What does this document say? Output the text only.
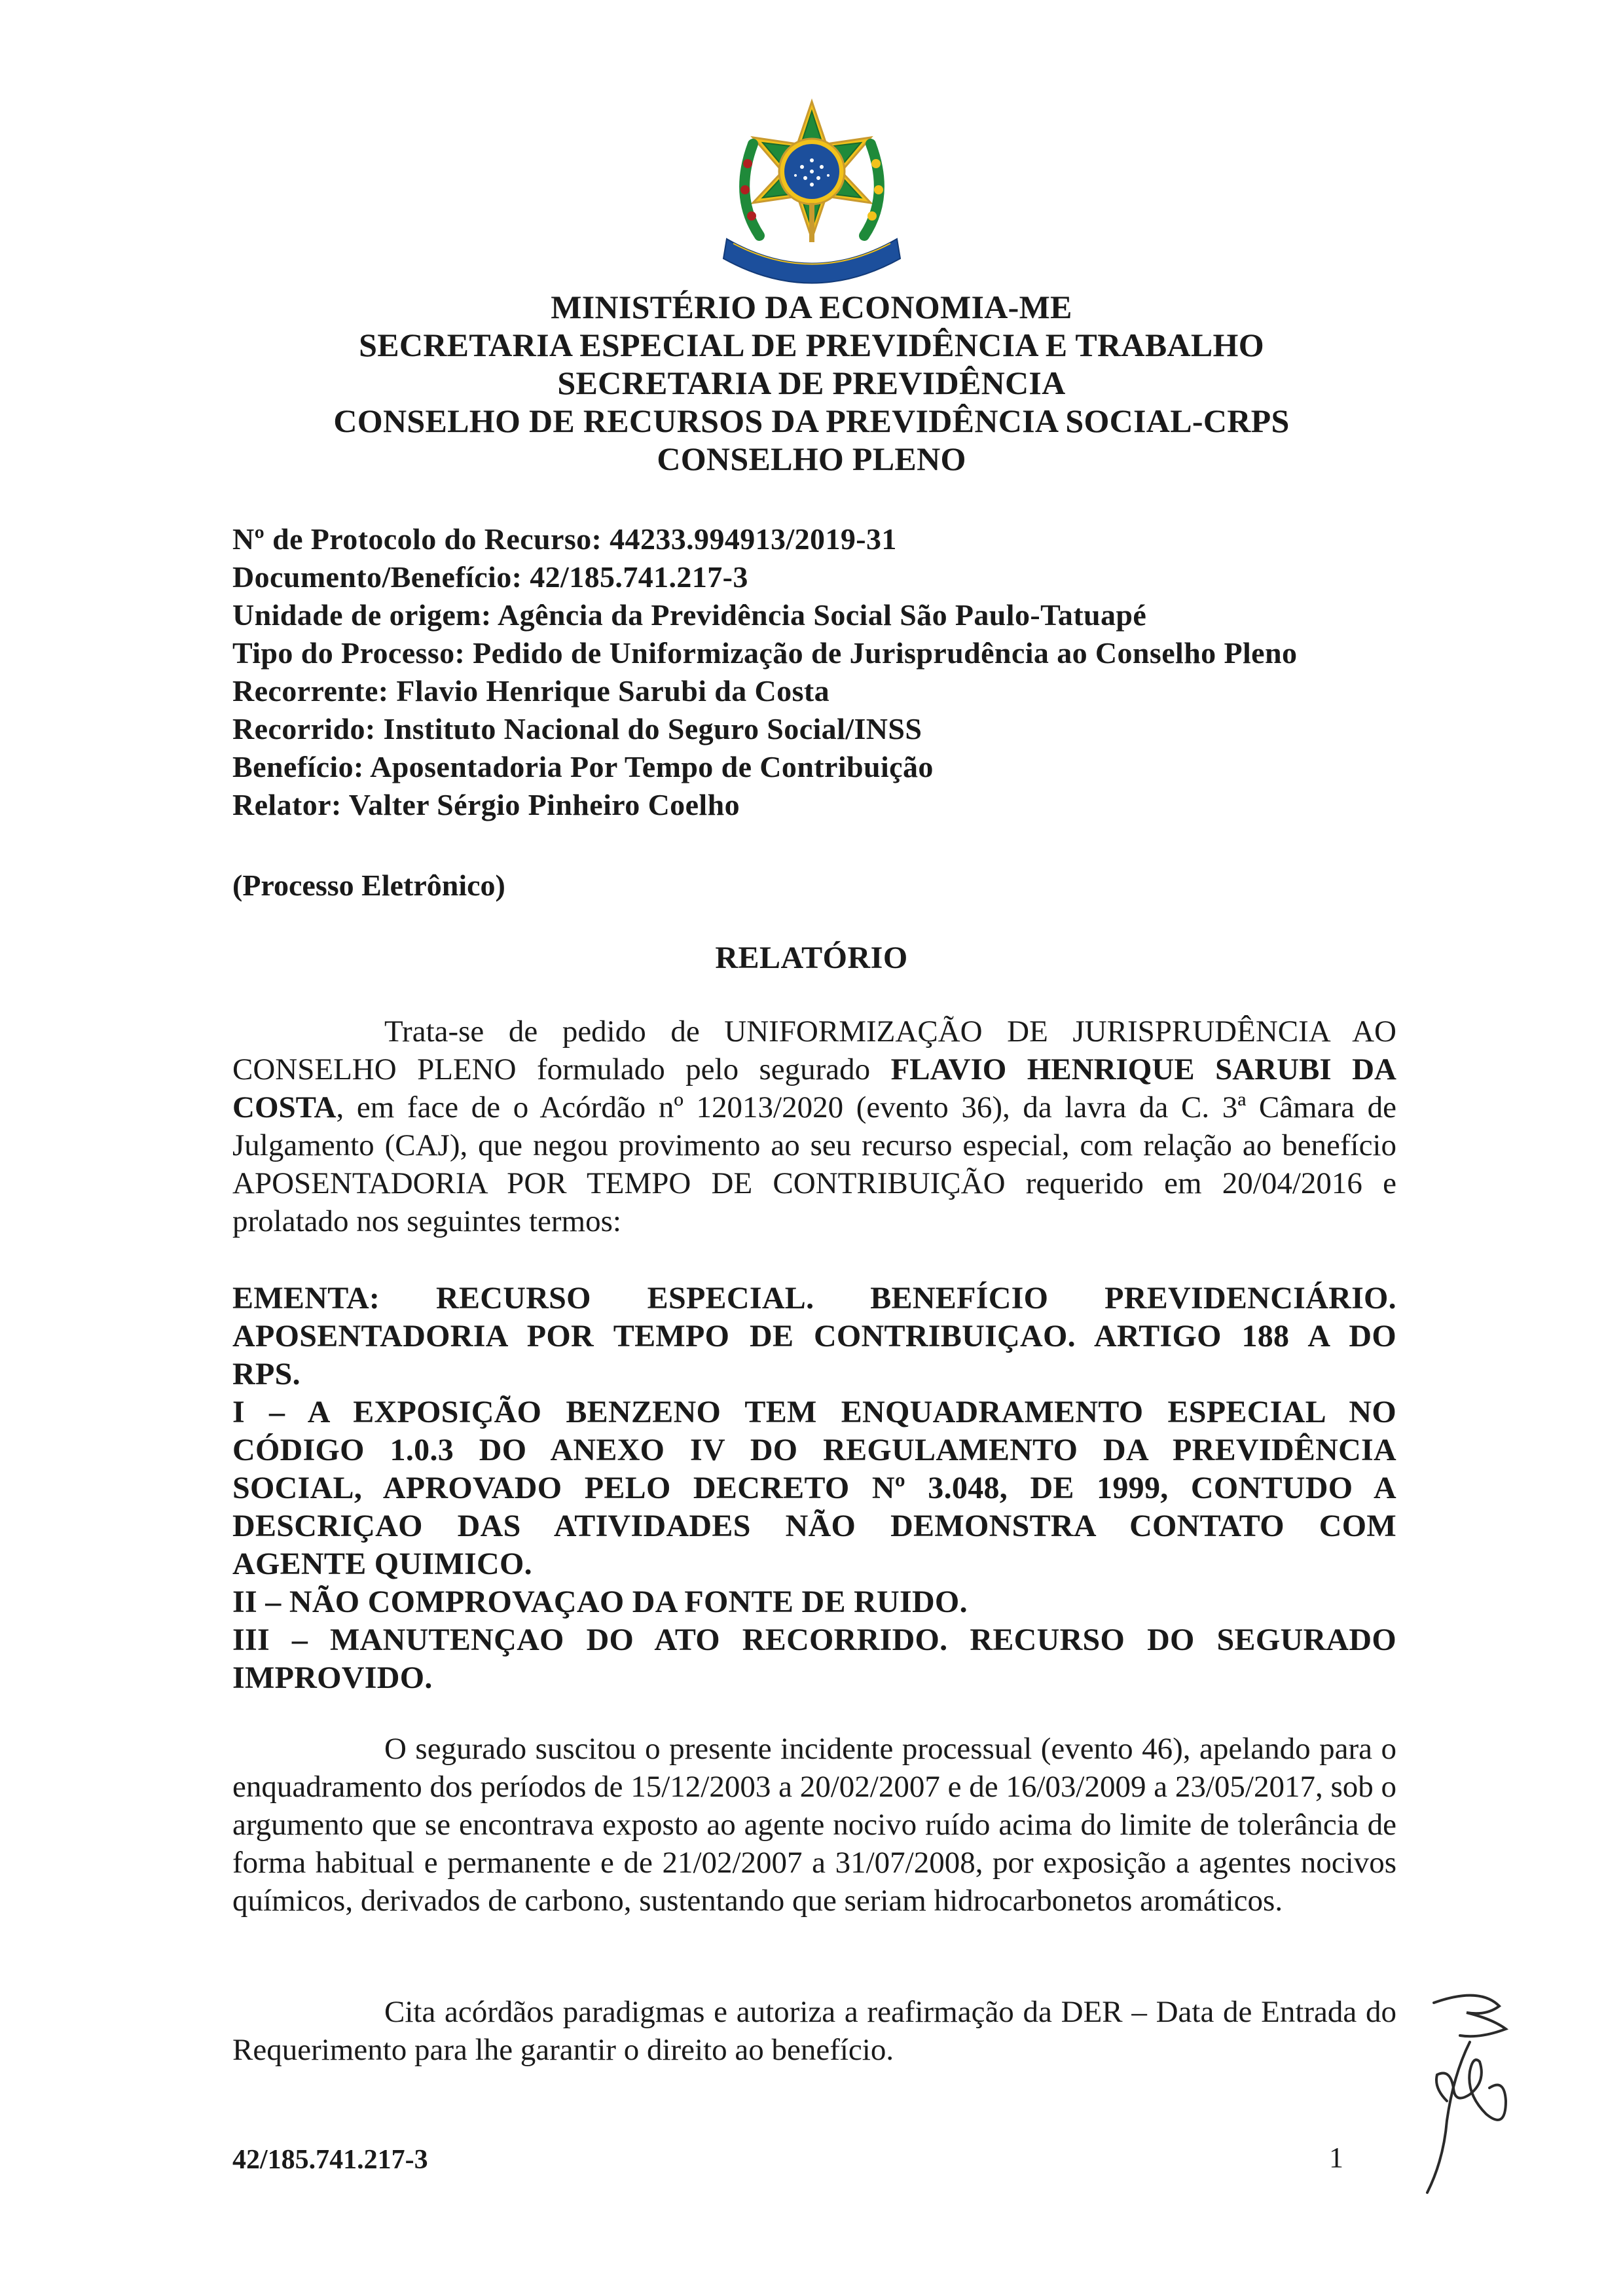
MINISTÉRIO DA ECONOMIA-ME
SECRETARIA ESPECIAL DE PREVIDÊNCIA E TRABALHO
SECRETARIA DE PREVIDÊNCIA
CONSELHO DE RECURSOS DA PREVIDÊNCIA SOCIAL-CRPS
CONSELHO PLENO
Nº de Protocolo do Recurso: 44233.994913/2019-31
Documento/Benefício: 42/185.741.217-3
Unidade de origem: Agência da Previdência Social São Paulo-Tatuapé
Tipo do Processo: Pedido de Uniformização de Jurisprudência ao Conselho Pleno
Recorrente: Flavio Henrique Sarubi da Costa
Recorrido: Instituto Nacional do Seguro Social/INSS
Benefício: Aposentadoria Por Tempo de Contribuição
Relator: Valter Sérgio Pinheiro Coelho
(Processo Eletrônico)
RELATÓRIO
Trata-se de pedido de UNIFORMIZAÇÃO DE JURISPRUDÊNCIA AO CONSELHO PLENO formulado pelo segurado FLAVIO HENRIQUE SARUBI DA COSTA, em face de o Acórdão nº 12013/2020 (evento 36), da lavra da C. 3ª Câmara de Julgamento (CAJ), que negou provimento ao seu recurso especial, com relação ao benefício APOSENTADORIA POR TEMPO DE CONTRIBUIÇÃO requerido em 20/04/2016 e prolatado nos seguintes termos:
EMENTA: RECURSO ESPECIAL. BENEFÍCIO PREVIDENCIÁRIO.
APOSENTADORIA POR TEMPO DE CONTRIBUIÇAO. ARTIGO 188 A DO
RPS.
I – A EXPOSIÇÃO BENZENO TEM ENQUADRAMENTO ESPECIAL NO
CÓDIGO 1.0.3 DO ANEXO IV DO REGULAMENTO DA PREVIDÊNCIA
SOCIAL, APROVADO PELO DECRETO Nº 3.048, DE 1999, CONTUDO A
DESCRIÇAO DAS ATIVIDADES NÃO DEMONSTRA CONTATO COM
AGENTE QUIMICO.
II – NÃO COMPROVAÇAO DA FONTE DE RUIDO.
III – MANUTENÇAO DO ATO RECORRIDO. RECURSO DO SEGURADO
IMPROVIDO.
O segurado suscitou o presente incidente processual (evento 46), apelando para o enquadramento dos períodos de 15/12/2003 a 20/02/2007 e de 16/03/2009 a 23/05/2017, sob o argumento que se encontrava exposto ao agente nocivo ruído acima do limite de tolerância de forma habitual e permanente e de 21/02/2007 a 31/07/2008, por exposição a agentes nocivos químicos, derivados de carbono, sustentando que seriam hidrocarbonetos aromáticos.
Cita acórdãos paradigmas e autoriza a reafirmação da DER – Data de Entrada do Requerimento para lhe garantir o direito ao benefício.
42/185.741.217-3	1
